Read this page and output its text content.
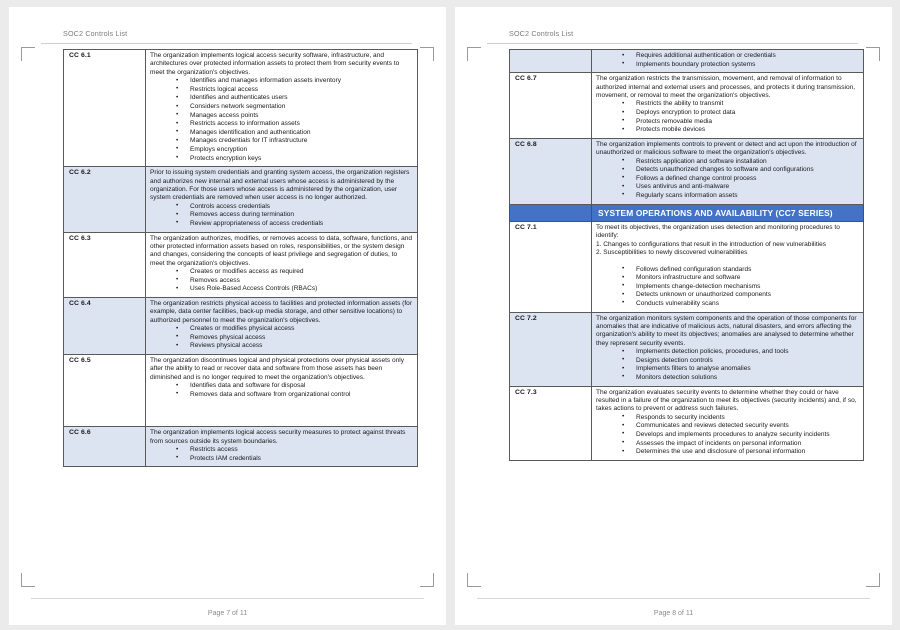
SOC2 Controls List
CC 6.1	The organization implements logical access security software, infrastructure, and architectures over protected information assets to protect them from security events to meet the organization's objectives.
• Identifies and manages information assets inventory
• Restricts logical access
• Identifies and authenticates users
• Considers network segmentation
• Manages access points
• Restricts access to information assets
• Manages identification and authentication
• Manages credentials for IT infrastructure
• Employs encryption
• Protects encryption keys

CC 6.2	Prior to issuing system credentials and granting system access, the organization registers and authorizes new internal and external users whose access is administered by the organization. For those users whose access is administered by the organization, user system credentials are removed when user access is no longer authorized.
• Controls access credentials
• Removes access during termination
• Review appropriateness of access credentials

CC 6.3	The organization authorizes, modifies, or removes access to data, software, functions, and other protected information assets based on roles, responsibilities, or the system design and changes, considering the concepts of least privilege and segregation of duties, to meet the organization's objectives.
• Creates or modifies access as required
• Removes access
• Uses Role-Based Access Controls (RBACs)

CC 6.4	The organization restricts physical access to facilities and protected information assets (for example, data center facilities, back-up media storage, and other sensitive locations) to authorized personnel to meet the organization's objectives.
• Creates or modifies physical access
• Removes physical access
• Reviews physical access

CC 6.5	The organization discontinues logical and physical protections over physical assets only after the ability to read or recover data and software from those assets has been diminished and is no longer required to meet the organization's objectives.
• Identifies data and software for disposal
• Removes data and software from organizational control

CC 6.6	The organization implements logical access security measures to protect against threats from sources outside its system boundaries.
• Restricts access
• Protects IAM credentials
Page 7 of 11
SOC2 Controls List

• Requires additional authentication or credentials
• Implements boundary protection systems

CC 6.7	The organization restricts the transmission, movement, and removal of information to authorized internal and external users and processes, and protects it during transmission, movement, or removal to meet the organization's objectives.
• Restricts the ability to transmit
• Deploys encryption to protect data
• Protects removable media
• Protects mobile devices

CC 6.8	The organization implements controls to prevent or detect and act upon the introduction of unauthorized or malicious software to meet the organization's objectives.
• Restricts application and software installation
• Detects unauthorized changes to software and configurations
• Follows a defined change control process
• Uses antivirus and anti-malware
• Regularly scans information assets

	SYSTEM OPERATIONS AND AVAILABILITY (CC7 SERIES)
CC 7.1	To meet its objectives, the organization uses detection and monitoring procedures to identify:
1. Changes to configurations that result in the introduction of new vulnerabilities
2. Susceptibilities to newly discovered vulnerabilities
• Follows defined configuration standards
• Monitors infrastructure and software
• Implements change-detection mechanisms
• Detects unknown or unauthorized components
• Conducts vulnerability scans

CC 7.2	The organization monitors system components and the operation of those components for anomalies that are indicative of malicious acts, natural disasters, and errors affecting the organization's ability to meet its objectives; anomalies are analysed to determine whether they represent security events.
• Implements detection policies, procedures, and tools
• Designs detection controls
• Implements filters to analyse anomalies
• Monitors detection solutions

CC 7.3	The organization evaluates security events to determine whether they could or have resulted in a failure of the organization to meet its objectives (security incidents) and, if so, takes actions to prevent or address such failures.
• Responds to security incidents
• Communicates and reviews detected security events
• Develops and implements procedures to analyze security incidents
• Assesses the impact of incidents on personal information
• Determines the use and disclosure of personal information
Page 8 of 11
